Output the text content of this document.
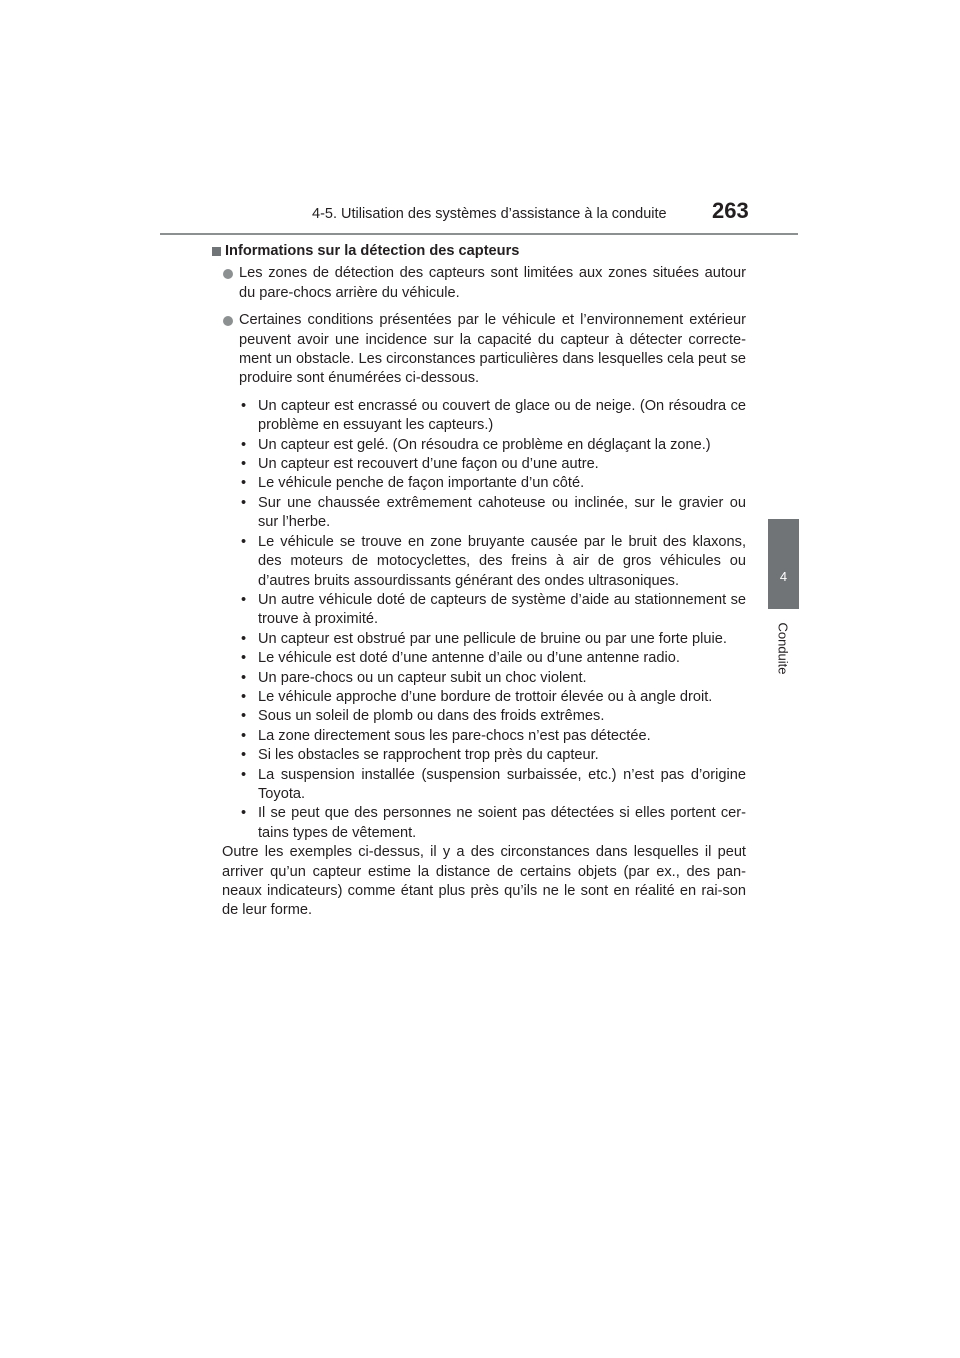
4-5. Utilisation des systèmes d’assistance à la conduite 263
4
Conduite
Informations sur la détection des capteurs
Les zones de détection des capteurs sont limitées aux zones situées autour du pare-chocs arrière du véhicule.
Certaines conditions présentées par le véhicule et l’environnement extérieur peuvent avoir une incidence sur la capacité du capteur à détecter correcte-ment un obstacle. Les circonstances particulières dans lesquelles cela peut se produire sont énumérées ci-dessous.
• Un capteur est encrassé ou couvert de glace ou de neige. (On résoudra ce problème en essuyant les capteurs.)
• Un capteur est gelé. (On résoudra ce problème en déglaçant la zone.)
• Un capteur est recouvert d’une façon ou d’une autre.
• Le véhicule penche de façon importante d’un côté.
• Sur une chaussée extrêmement cahoteuse ou inclinée, sur le gravier ou sur l’herbe.
• Le véhicule se trouve en zone bruyante causée par le bruit des klaxons, des moteurs de motocyclettes, des freins à air de gros véhicules ou d’autres bruits assourdissants générant des ondes ultrasoniques.
• Un autre véhicule doté de capteurs de système d’aide au stationnement se trouve à proximité.
• Un capteur est obstrué par une pellicule de bruine ou par une forte pluie.
• Le véhicule est doté d’une antenne d’aile ou d’une antenne radio.
• Un pare-chocs ou un capteur subit un choc violent.
• Le véhicule approche d’une bordure de trottoir élevée ou à angle droit.
• Sous un soleil de plomb ou dans des froids extrêmes.
• La zone directement sous les pare-chocs n’est pas détectée.
• Si les obstacles se rapprochent trop près du capteur.
• La suspension installée (suspension surbaissée, etc.) n’est pas d’origine Toyota.
• Il se peut que des personnes ne soient pas détectées si elles portent cer-tains types de vêtement.
Outre les exemples ci-dessus, il y a des circonstances dans lesquelles il peut arriver qu’un capteur estime la distance de certains objets (par ex., des pan-neaux indicateurs) comme étant plus près qu’ils ne le sont en réalité en rai-son de leur forme.
